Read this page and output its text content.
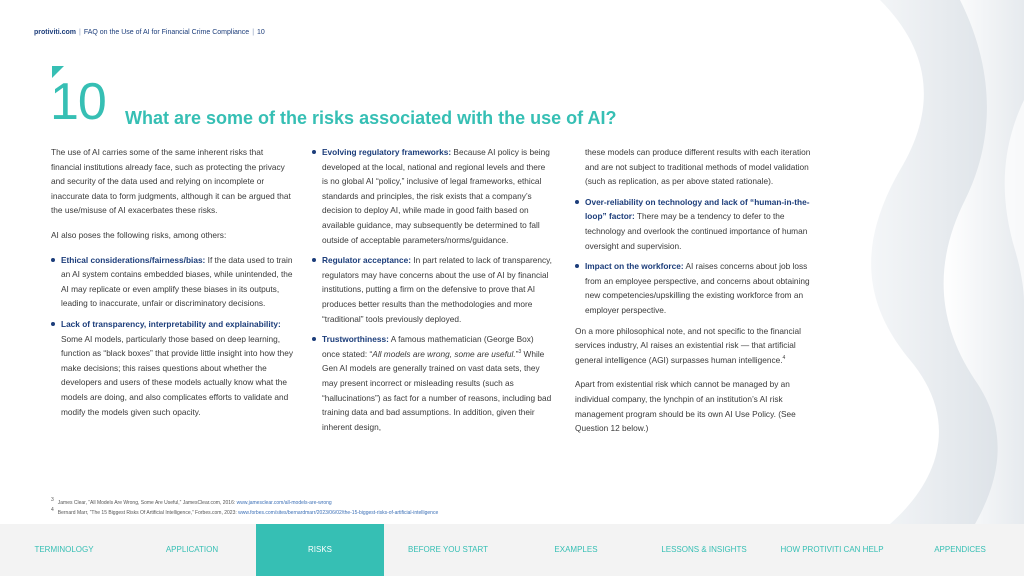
protiviti.com | FAQ on the Use of AI for Financial Crime Compliance | 10
10 What are some of the risks associated with the use of AI?

The use of AI carries some of the same inherent risks that financial institutions already face, such as protecting the privacy and security of the data used and relying on incomplete or inaccurate data to form judgments, although it can be argued that the use/misuse of AI exacerbates these risks.

AI also poses the following risks, among others:

Ethical considerations/fairness/bias: If the data used to train an AI system contains embedded biases, while unintended, the AI may replicate or even amplify these biases in its outputs, leading to inaccurate, unfair or discriminatory decisions.
Lack of transparency, interpretability and explainability: Some AI models, particularly those based on deep learning, function as “black boxes” that provide little insight into how they make decisions; this raises questions about whether the developers and users of these models actually know what the models are doing, and also complicates efforts to validate and modify the models given such opacity.
Evolving regulatory frameworks: Because AI policy is being developed at the local, national and regional levels and there is no global AI “policy,” inclusive of legal frameworks, ethical standards and principles, the risk exists that a company’s decision to deploy AI, while made in good faith based on available guidance, may subsequently be determined to fall outside of acceptable parameters/norms/guidance.
Regulator acceptance: In part related to lack of transparency, regulators may have concerns about the use of AI by financial institutions, putting a firm on the defensive to prove that AI produces better results than the methodologies and more “traditional” tools previously deployed.
Trustworthiness: A famous mathematician (George Box) once stated: “All models are wrong, some are useful.”$^3$ While Gen AI models are generally trained on vast data sets, they may present incorrect or misleading results (such as “hallucinations”) as fact for a number of reasons, including bad training data and bad assumptions. In addition, given their inherent design,
these models can produce different results with each iteration and are not subject to traditional methods of model validation (such as replication, as per above stated rationale).
Over-reliability on technology and lack of “human-in-the-loop” factor: There may be a tendency to defer to the technology and overlook the continued importance of human oversight and supervision.
Impact on the workforce: AI raises concerns about job loss from an employee perspective, and concerns about obtaining new competencies/upskilling the existing workforce from an employer perspective.

On a more philosophical note, and not specific to the financial services industry, AI raises an existential risk — that artificial general intelligence (AGI) surpasses human intelligence.$^4$

Apart from existential risk which cannot be managed by an individual company, the lynchpin of an institution’s AI risk management program should be its own AI Use Policy. (See Question 12 below.)

$^3$ James Clear, “All Models Are Wrong, Some Are Useful,” JamesClear.com, 2016: www.jamesclear.com/all-models-are-wrong
$^4$ Bernard Marr, “The 15 Biggest Risks Of Artificial Intelligence,” Forbes.com, 2023: www.forbes.com/sites/bernardmarr/2023/06/02/the-15-biggest-risks-of-artificial-intelligence
TERMINOLOGY	APPLICATION	RISKS	BEFORE YOU START	EXAMPLES	LESSONS & INSIGHTS	HOW PROTIVITI CAN HELP	APPENDICES
